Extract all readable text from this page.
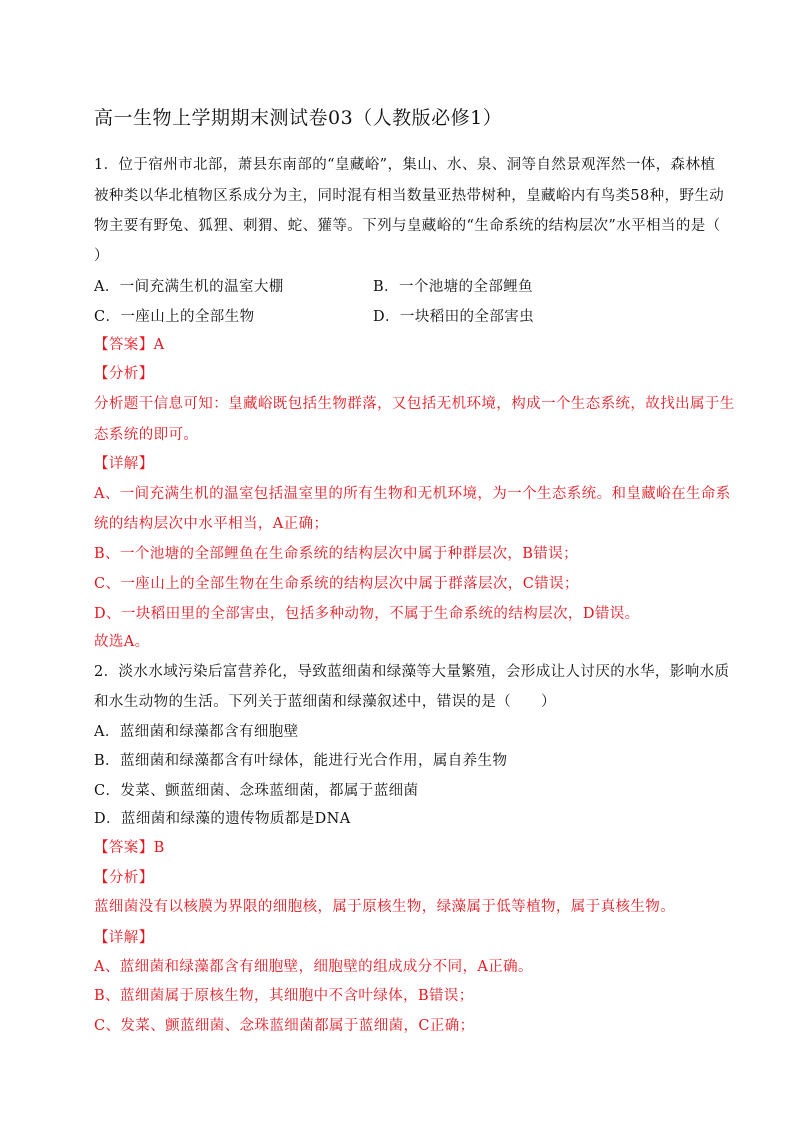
高一生物上学期期末测试卷03（人教版必修1）
1．位于宿州市北部，萧县东南部的“皇藏峪”，集山、水、泉、洞等自然景观浑然一体，森林植
被种类以华北植物区系成分为主，同时混有相当数量亚热带树种，皇藏峪内有鸟类58种，野生动
物主要有野兔、狐狸、刺猬、蛇、獾等。下列与皇藏峪的“生命系统的结构层次”水平相当的是（
）
A．一间充满生机的温室大棚	B．一个池塘的全部鲤鱼
C．一座山上的全部生物	D．一块稻田的全部害虫
【答案】A
【分析】
分析题干信息可知：皇藏峪既包括生物群落，又包括无机环境，构成一个生态系统，故找出属于生
态系统的即可。
【详解】
A、一间充满生机的温室包括温室里的所有生物和无机环境，为一个生态系统。和皇藏峪在生命系
统的结构层次中水平相当，A正确；
B、一个池塘的全部鲤鱼在生命系统的结构层次中属于种群层次，B错误；
C、一座山上的全部生物在生命系统的结构层次中属于群落层次，C错误；
D、一块稻田里的全部害虫，包括多种动物，不属于生命系统的结构层次，D错误。
故选A。
2．淡水水域污染后富营养化，导致蓝细菌和绿藻等大量繁殖，会形成让人讨厌的水华，影响水质
和水生动物的生活。下列关于蓝细菌和绿藻叙述中，错误的是（　　）
A．蓝细菌和绿藻都含有细胞壁
B．蓝细菌和绿藻都含有叶绿体，能进行光合作用，属自养生物
C．发菜、颤蓝细菌、念珠蓝细菌，都属于蓝细菌
D．蓝细菌和绿藻的遗传物质都是DNA
【答案】B
【分析】
蓝细菌没有以核膜为界限的细胞核，属于原核生物，绿藻属于低等植物，属于真核生物。
【详解】
A、蓝细菌和绿藻都含有细胞壁，细胞壁的组成成分不同，A正确。
B、蓝细菌属于原核生物，其细胞中不含叶绿体，B错误；
C、发菜、颤蓝细菌、念珠蓝细菌都属于蓝细菌，C正确；
